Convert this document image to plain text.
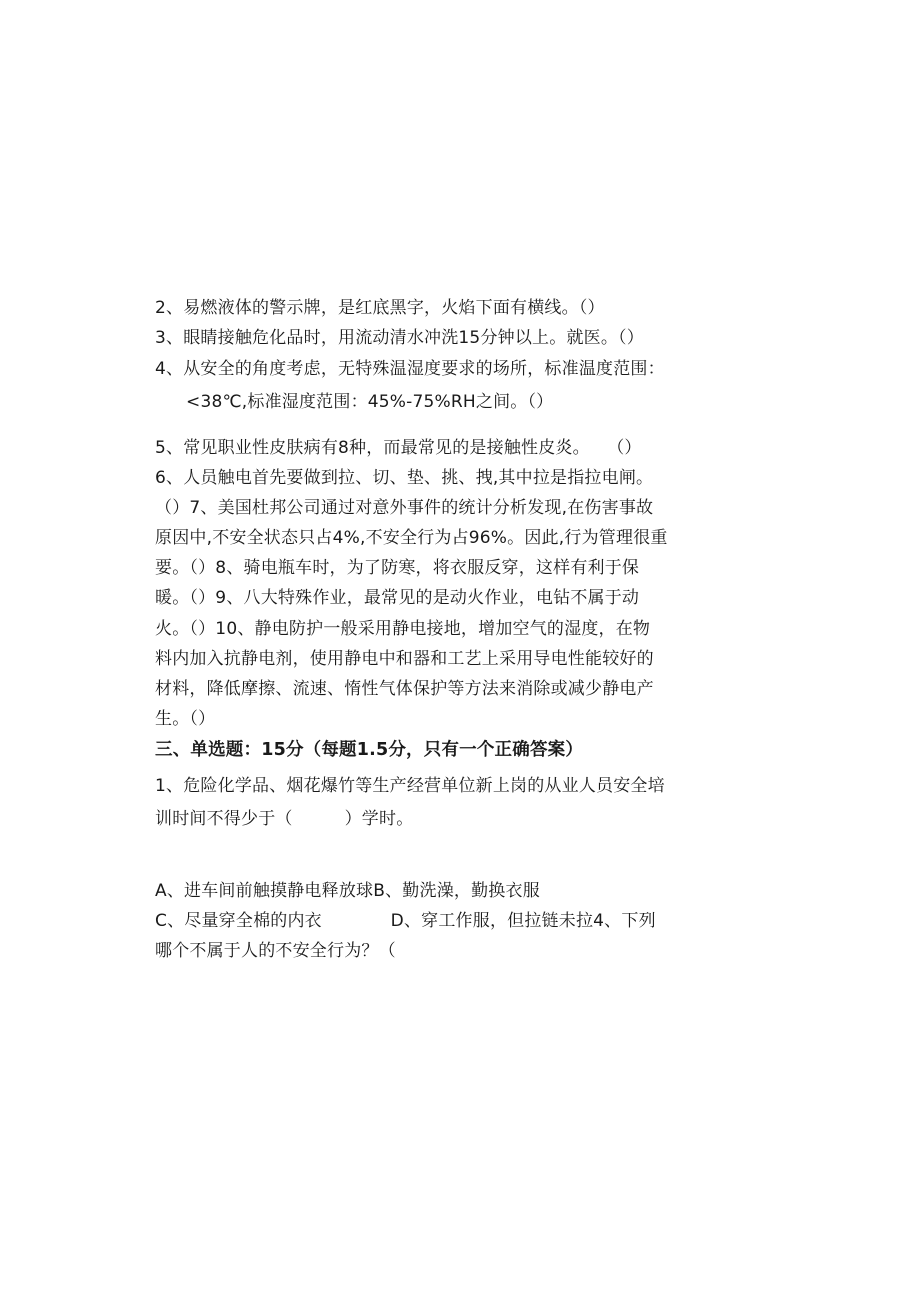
2、易燃液体的警示牌，是红底黑字，火焰下面有横线。（）
3、眼睛接触危化品时，用流动清水冲洗15分钟以上。就医。（）
4、从安全的角度考虑，无特殊温湿度要求的场所，标准温度范围：
<38℃,标准湿度范围：45%-75%RH之间。（）
5、常见职业性皮肤病有8种，而最常见的是接触性皮炎。　　（）
6、人员触电首先要做到拉、切、垫、挑、拽,其中拉是指拉电闸。
（）7、美国杜邦公司通过对意外事件的统计分析发现,在伤害事故
原因中,不安全状态只占4%,不安全行为占96%。因此,行为管理很重
要。（）8、骑电瓶车时，为了防寒，将衣服反穿，这样有利于保
暖。（）9、八大特殊作业，最常见的是动火作业，电钻不属于动
火。（）10、静电防护一般采用静电接地，增加空气的湿度，在物
料内加入抗静电剂，使用静电中和器和工艺上采用导电性能较好的
材料，降低摩擦、流速、惰性气体保护等方法来消除或减少静电产
生。（）
三、单选题：15分（每题1.5分，只有一个正确答案）
1、危险化学品、烟花爆竹等生产经营单位新上岗的从业人员安全培
训时间不得少于（	）学时。
A、进车间前触摸静电释放球B、勤洗澡，勤换衣服
C、尽量穿全棉的内衣　　　　D、穿工作服，但拉链未拉4、下列
哪个不属于人的不安全行为？（
